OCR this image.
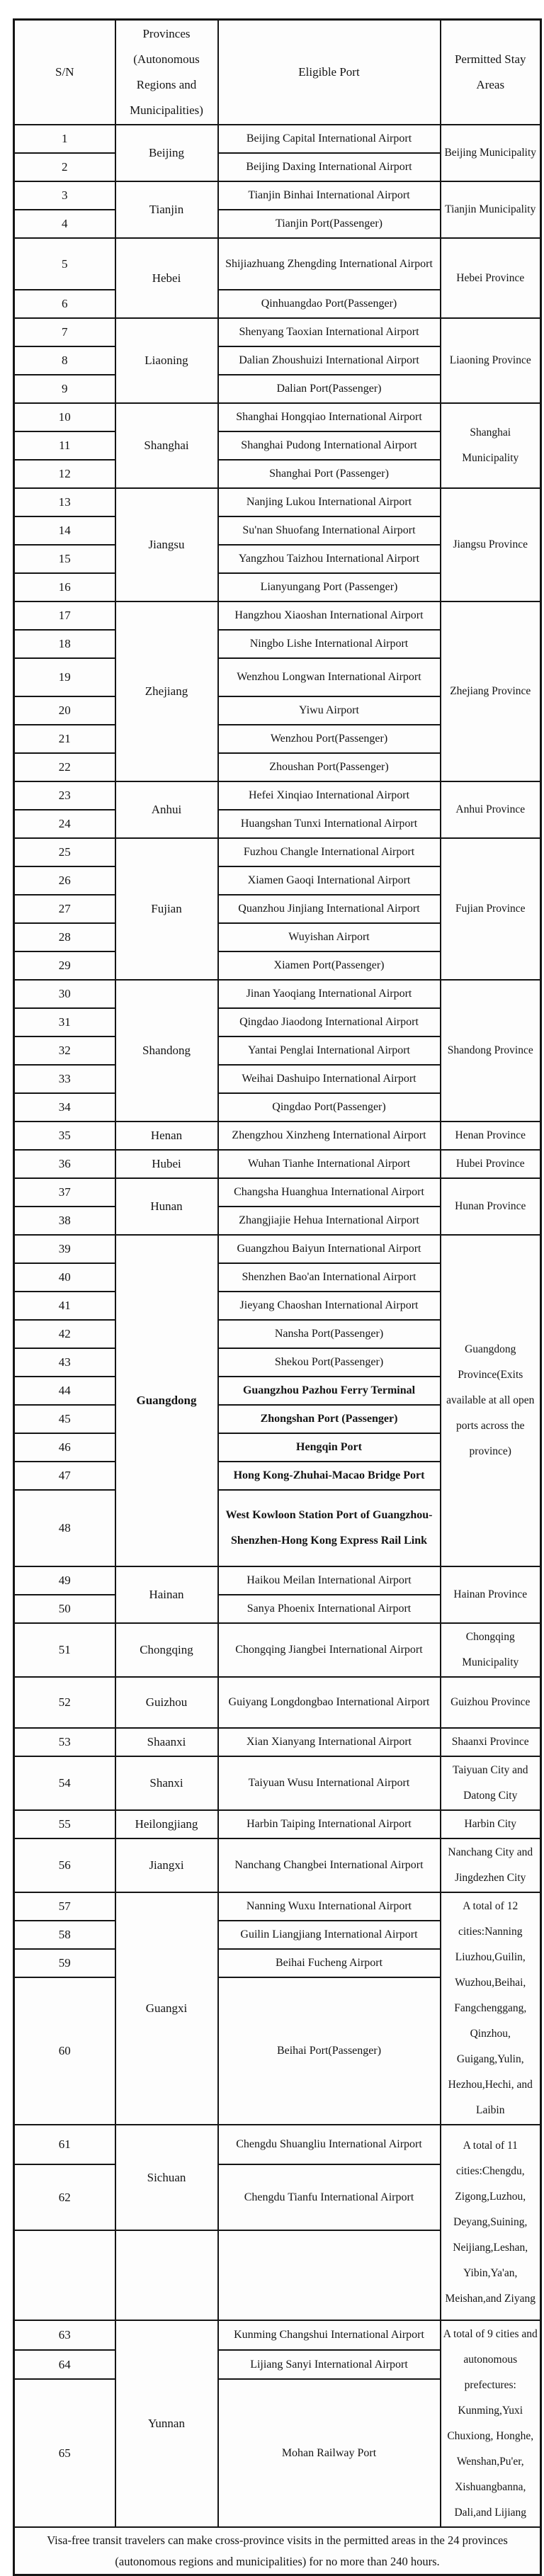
S/N	Provinces (Autonomous Regions and Municipalities)	Eligible Port	Permitted Stay Areas
1	Beijing	Beijing Capital International Airport	Beijing Municipality
2		Beijing Daxing International Airport	
3	Tianjin	Tianjin Binhai International Airport	Tianjin Municipality
4		Tianjin Port(Passenger)	
5	Hebei	Shijiazhuang Zhengding International Airport	Hebei Province
6		Qinhuangdao Port(Passenger)	
7	Liaoning	Shenyang Taoxian International Airport	Liaoning Province
8		Dalian Zhoushuizi International Airport	
9		Dalian Port(Passenger)	
10	Shanghai	Shanghai Hongqiao International Airport	Shanghai Municipality
11		Shanghai Pudong International Airport	
12		Shanghai Port (Passenger)	
13	Jiangsu	Nanjing Lukou International Airport	Jiangsu Province
14		Su'nan Shuofang International Airport	
15		Yangzhou Taizhou International Airport	
16		Lianyungang Port (Passenger)	
17	Zhejiang	Hangzhou Xiaoshan International Airport	Zhejiang Province
18		Ningbo Lishe International Airport	
19		Wenzhou Longwan International Airport	
20		Yiwu Airport	
21		Wenzhou Port(Passenger)	
22		Zhoushan Port(Passenger)	
23	Anhui	Hefei Xinqiao International Airport	Anhui Province
24		Huangshan Tunxi International Airport	
25	Fujian	Fuzhou Changle International Airport	Fujian Province
26		Xiamen Gaoqi International Airport	
27		Quanzhou Jinjiang International Airport	
28		Wuyishan Airport	
29		Xiamen Port(Passenger)	
30	Shandong	Jinan Yaoqiang International Airport	Shandong Province
31		Qingdao Jiaodong International Airport	
32		Yantai Penglai International Airport	
33		Weihai Dashuipo International Airport	
34		Qingdao Port(Passenger)	
35	Henan	Zhengzhou Xinzheng International Airport	Henan Province
36	Hubei	Wuhan Tianhe International Airport	Hubei Province
37	Hunan	Changsha Huanghua International Airport	Hunan Province
38		Zhangjiajie Hehua International Airport	
39	Guangdong	Guangzhou Baiyun International Airport	Guangdong Province(Exits available at all open ports across the province)
40		Shenzhen Bao'an International Airport	
41		Jieyang Chaoshan International Airport	
42		Nansha Port(Passenger)	
43		Shekou Port(Passenger)	
44		Guangzhou Pazhou Ferry Terminal	
45		Zhongshan Port (Passenger)	
46		Hengqin Port	
47		Hong Kong-Zhuhai-Macao Bridge Port	
48		West Kowloon Station Port of Guangzhou-Shenzhen-Hong Kong Express Rail Link	
49	Hainan	Haikou Meilan International Airport	Hainan Province
50		Sanya Phoenix International Airport	
51	Chongqing	Chongqing Jiangbei International Airport	Chongqing Municipality
52	Guizhou	Guiyang Longdongbao International Airport	Guizhou Province
53	Shaanxi	Xian Xianyang International Airport	Shaanxi Province
54	Shanxi	Taiyuan Wusu International Airport	Taiyuan City and Datong City
55	Heilongjiang	Harbin Taiping International Airport	Harbin City
56	Jiangxi	Nanchang Changbei International Airport	Nanchang City and Jingdezhen City
57	Guangxi	Nanning Wuxu International Airport	A total of 12 cities:Nanning Liuzhou,Guilin, Wuzhou,Beihai, Fangchenggang, Qinzhou, Guigang,Yulin, Hezhou,Hechi, and Laibin
58		Guilin Liangjiang International Airport	
59		Beihai Fucheng Airport	
60		Beihai Port(Passenger)	
61	Sichuan	Chengdu Shuangliu International Airport	A total of 11 cities:Chengdu, Zigong,Luzhou, Deyang,Suining, Neijiang,Leshan, Yibin,Ya'an, Meishan,and Ziyang
62		Chengdu Tianfu International Airport	

63	Yunnan	Kunming Changshui International Airport	A total of 9 cities and autonomous prefectures: Kunming,Yuxi Chuxiong, Honghe, Wenshan,Pu'er, Xishuangbanna, Dali,and Lijiang
64		Lijiang Sanyi International Airport	
65		Mohan Railway Port	
Visa-free transit travelers can make cross-province visits in the permitted areas in the 24 provinces (autonomous regions and municipalities) for no more than 240 hours.			
